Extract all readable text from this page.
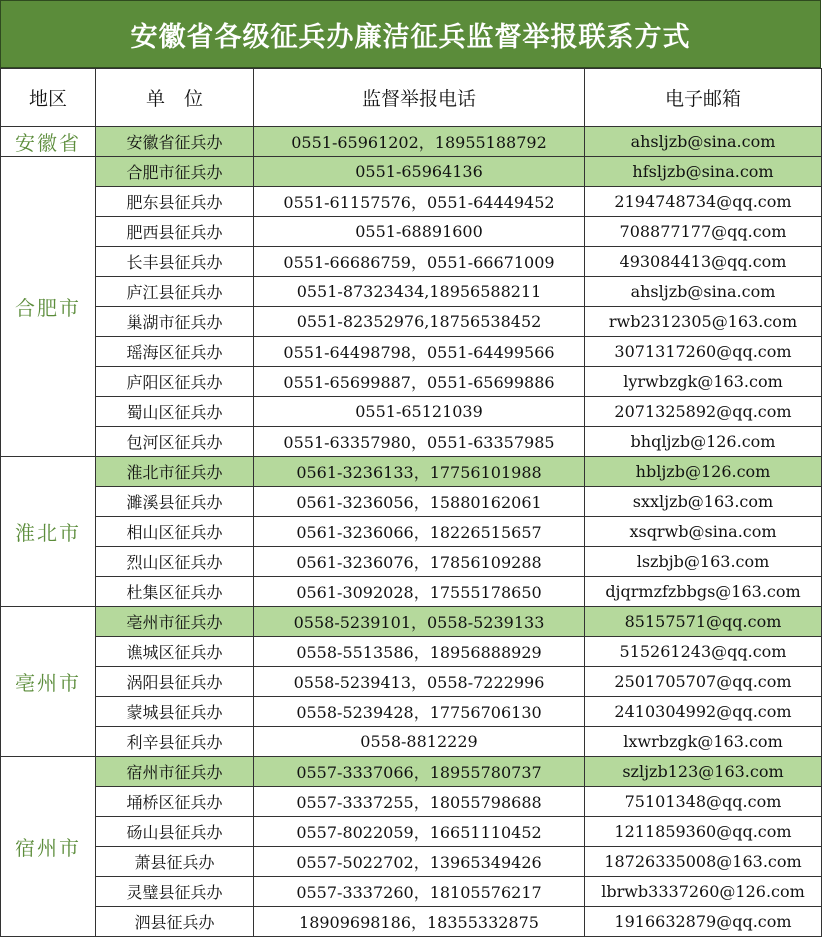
安徽省各级征兵办廉洁征兵监督举报联系方式
地区	单　位	监督举报电话	电子邮箱
安徽省	安徽省征兵办	0551-65961202，18955188792	ahsljzb@sina.com
合肥市	合肥市征兵办	0551-65964136	hfsljzb@sina.com
	肥东县征兵办	0551-61157576，0551-64449452	2194748734@qq.com
	肥西县征兵办	0551-68891600	708877177@qq.com
	长丰县征兵办	0551-66686759，0551-66671009	493084413@qq.com
	庐江县征兵办	0551-87323434,18956588211	ahsljzb@sina.com
	巢湖市征兵办	0551-82352976,18756538452	rwb2312305@163.com
	瑶海区征兵办	0551-64498798，0551-64499566	3071317260@qq.com
	庐阳区征兵办	0551-65699887，0551-65699886	lyrwbzgk@163.com
	蜀山区征兵办	0551-65121039	2071325892@qq.com
	包河区征兵办	0551-63357980，0551-63357985	bhqljzb@126.com
淮北市	淮北市征兵办	0561-3236133，17756101988	hbljzb@126.com
	濉溪县征兵办	0561-3236056，15880162061	sxxljzb@163.com
	相山区征兵办	0561-3236066，18226515657	xsqrwb@sina.com
	烈山区征兵办	0561-3236076，17856109288	lszbjb@163.com
	杜集区征兵办	0561-3092028，17555178650	djqrmzfzbbgs@163.com
亳州市	亳州市征兵办	0558-5239101，0558-5239133	85157571@qq.com
	谯城区征兵办	0558-5513586，18956888929	515261243@qq.com
	涡阳县征兵办	0558-5239413，0558-7222996	2501705707@qq.com
	蒙城县征兵办	0558-5239428，17756706130	2410304992@qq.com
	利辛县征兵办	0558-8812229	lxwrbzgk@163.com
宿州市	宿州市征兵办	0557-3337066，18955780737	szljzb123@163.com
	埇桥区征兵办	0557-3337255，18055798688	75101348@qq.com
	砀山县征兵办	0557-8022059，16651110452	1211859360@qq.com
	萧县征兵办	0557-5022702，13965349426	18726335008@163.com
	灵璧县征兵办	0557-3337260，18105576217	lbrwb3337260@126.com
	泗县征兵办	18909698186，18355332875	1916632879@qq.com
